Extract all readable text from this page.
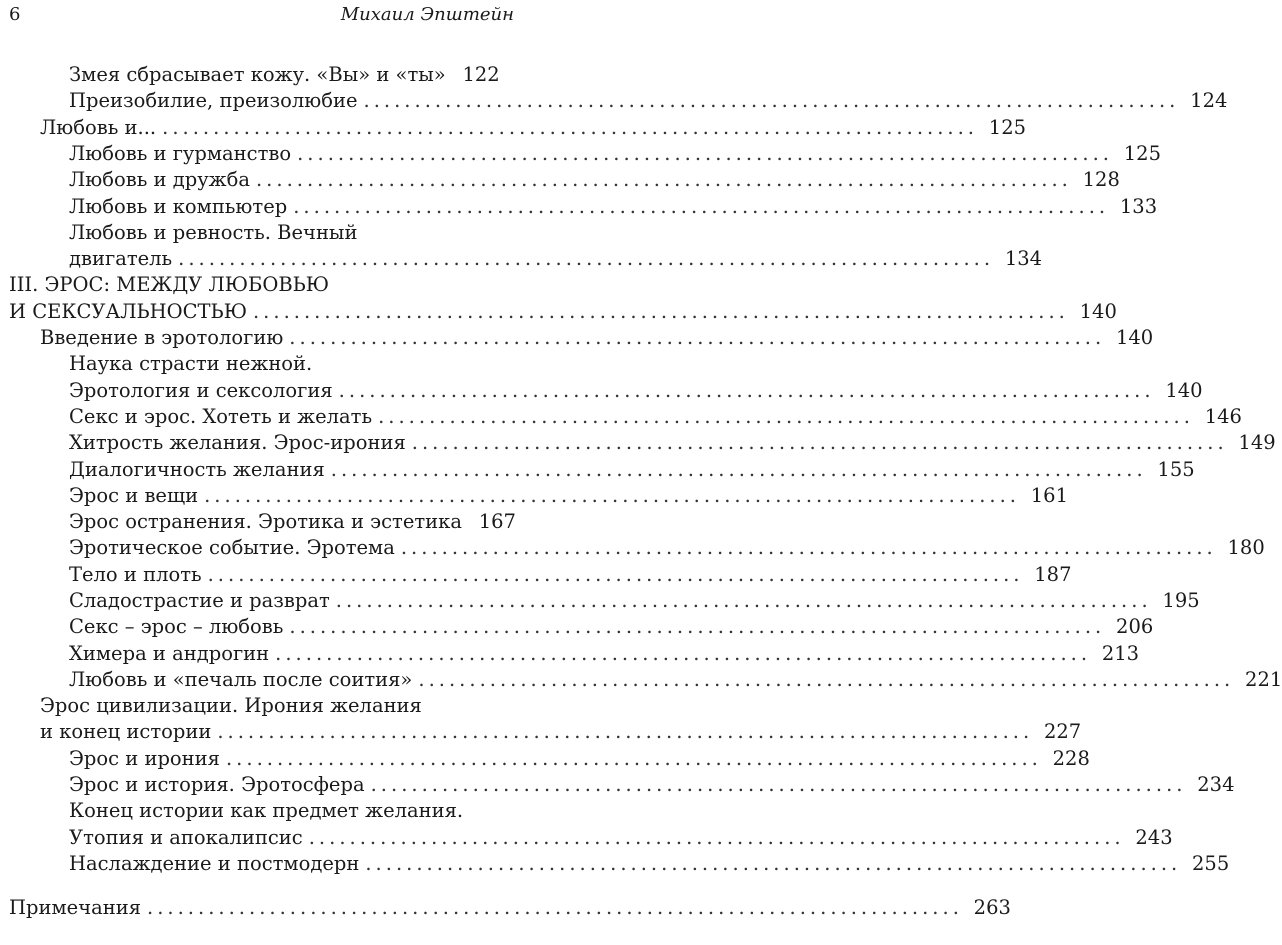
6	Михаил Эпштейн
Змея сбрасывает кожу. «Вы» и «ты» 122
Преизобилие, преизолюбие ................................................................................ 124
Любовь и... ................................................................................ 125
Любовь и гурманство ................................................................................ 125
Любовь и дружба ................................................................................ 128
Любовь и компьютер ................................................................................ 133
Любовь и ревность. Вечный
двигатель ................................................................................ 134
III. ЭРОС: МЕЖДУ ЛЮБОВЬЮ
И СЕКСУАЛЬНОСТЬЮ ................................................................................ 140
Введение в эротологию ................................................................................ 140
Наука страсти нежной.
Эротология и сексология ................................................................................ 140
Секс и эрос. Хотеть и желать ................................................................................ 146
Хитрость желания. Эрос-ирония ................................................................................ 149
Диалогичность желания ................................................................................ 155
Эрос и вещи ................................................................................ 161
Эрос остранения. Эротика и эстетика 167
Эротическое событие. Эротема ................................................................................ 180
Тело и плоть ................................................................................ 187
Сладострастие и разврат ................................................................................ 195
Секс – эрос – любовь ................................................................................ 206
Химера и андрогин ................................................................................ 213
Любовь и «печаль после соития» ................................................................................ 221
Эрос цивилизации. Ирония желания
и конец истории ................................................................................ 227
Эрос и ирония ................................................................................ 228
Эрос и история. Эротосфера ................................................................................ 234
Конец истории как предмет желания.
Утопия и апокалипсис ................................................................................ 243
Наслаждение и постмодерн ................................................................................ 255
Примечания ................................................................................ 263
